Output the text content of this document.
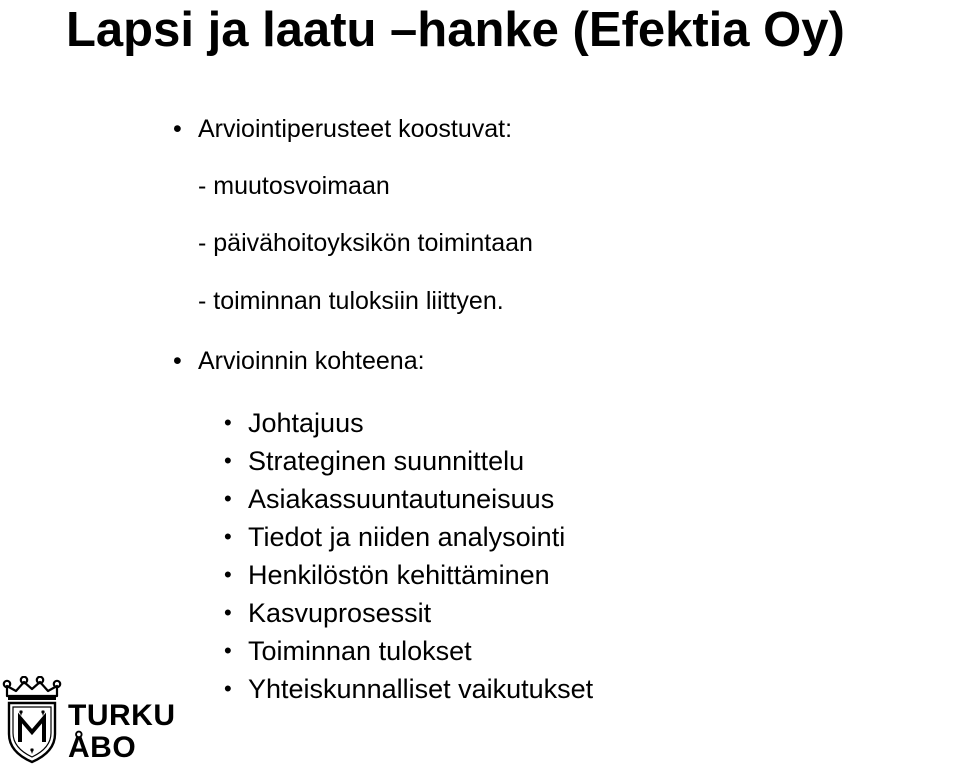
Lapsi ja laatu –hanke (Efektia Oy)
• Arviointiperusteet koostuvat:
- muutosvoimaan
- päivähoitoyksikön toimintaan
- toiminnan tuloksiin liittyen.
• Arvioinnin kohteena:
• Johtajuus
• Strateginen suunnittelu
• Asiakassuuntautuneisuus
• Tiedot ja niiden analysointi
• Henkilöstön kehittäminen
• Kasvuprosessit
• Toiminnan tulokset
• Yhteiskunnalliset vaikutukset
TURKU
ÅBO
